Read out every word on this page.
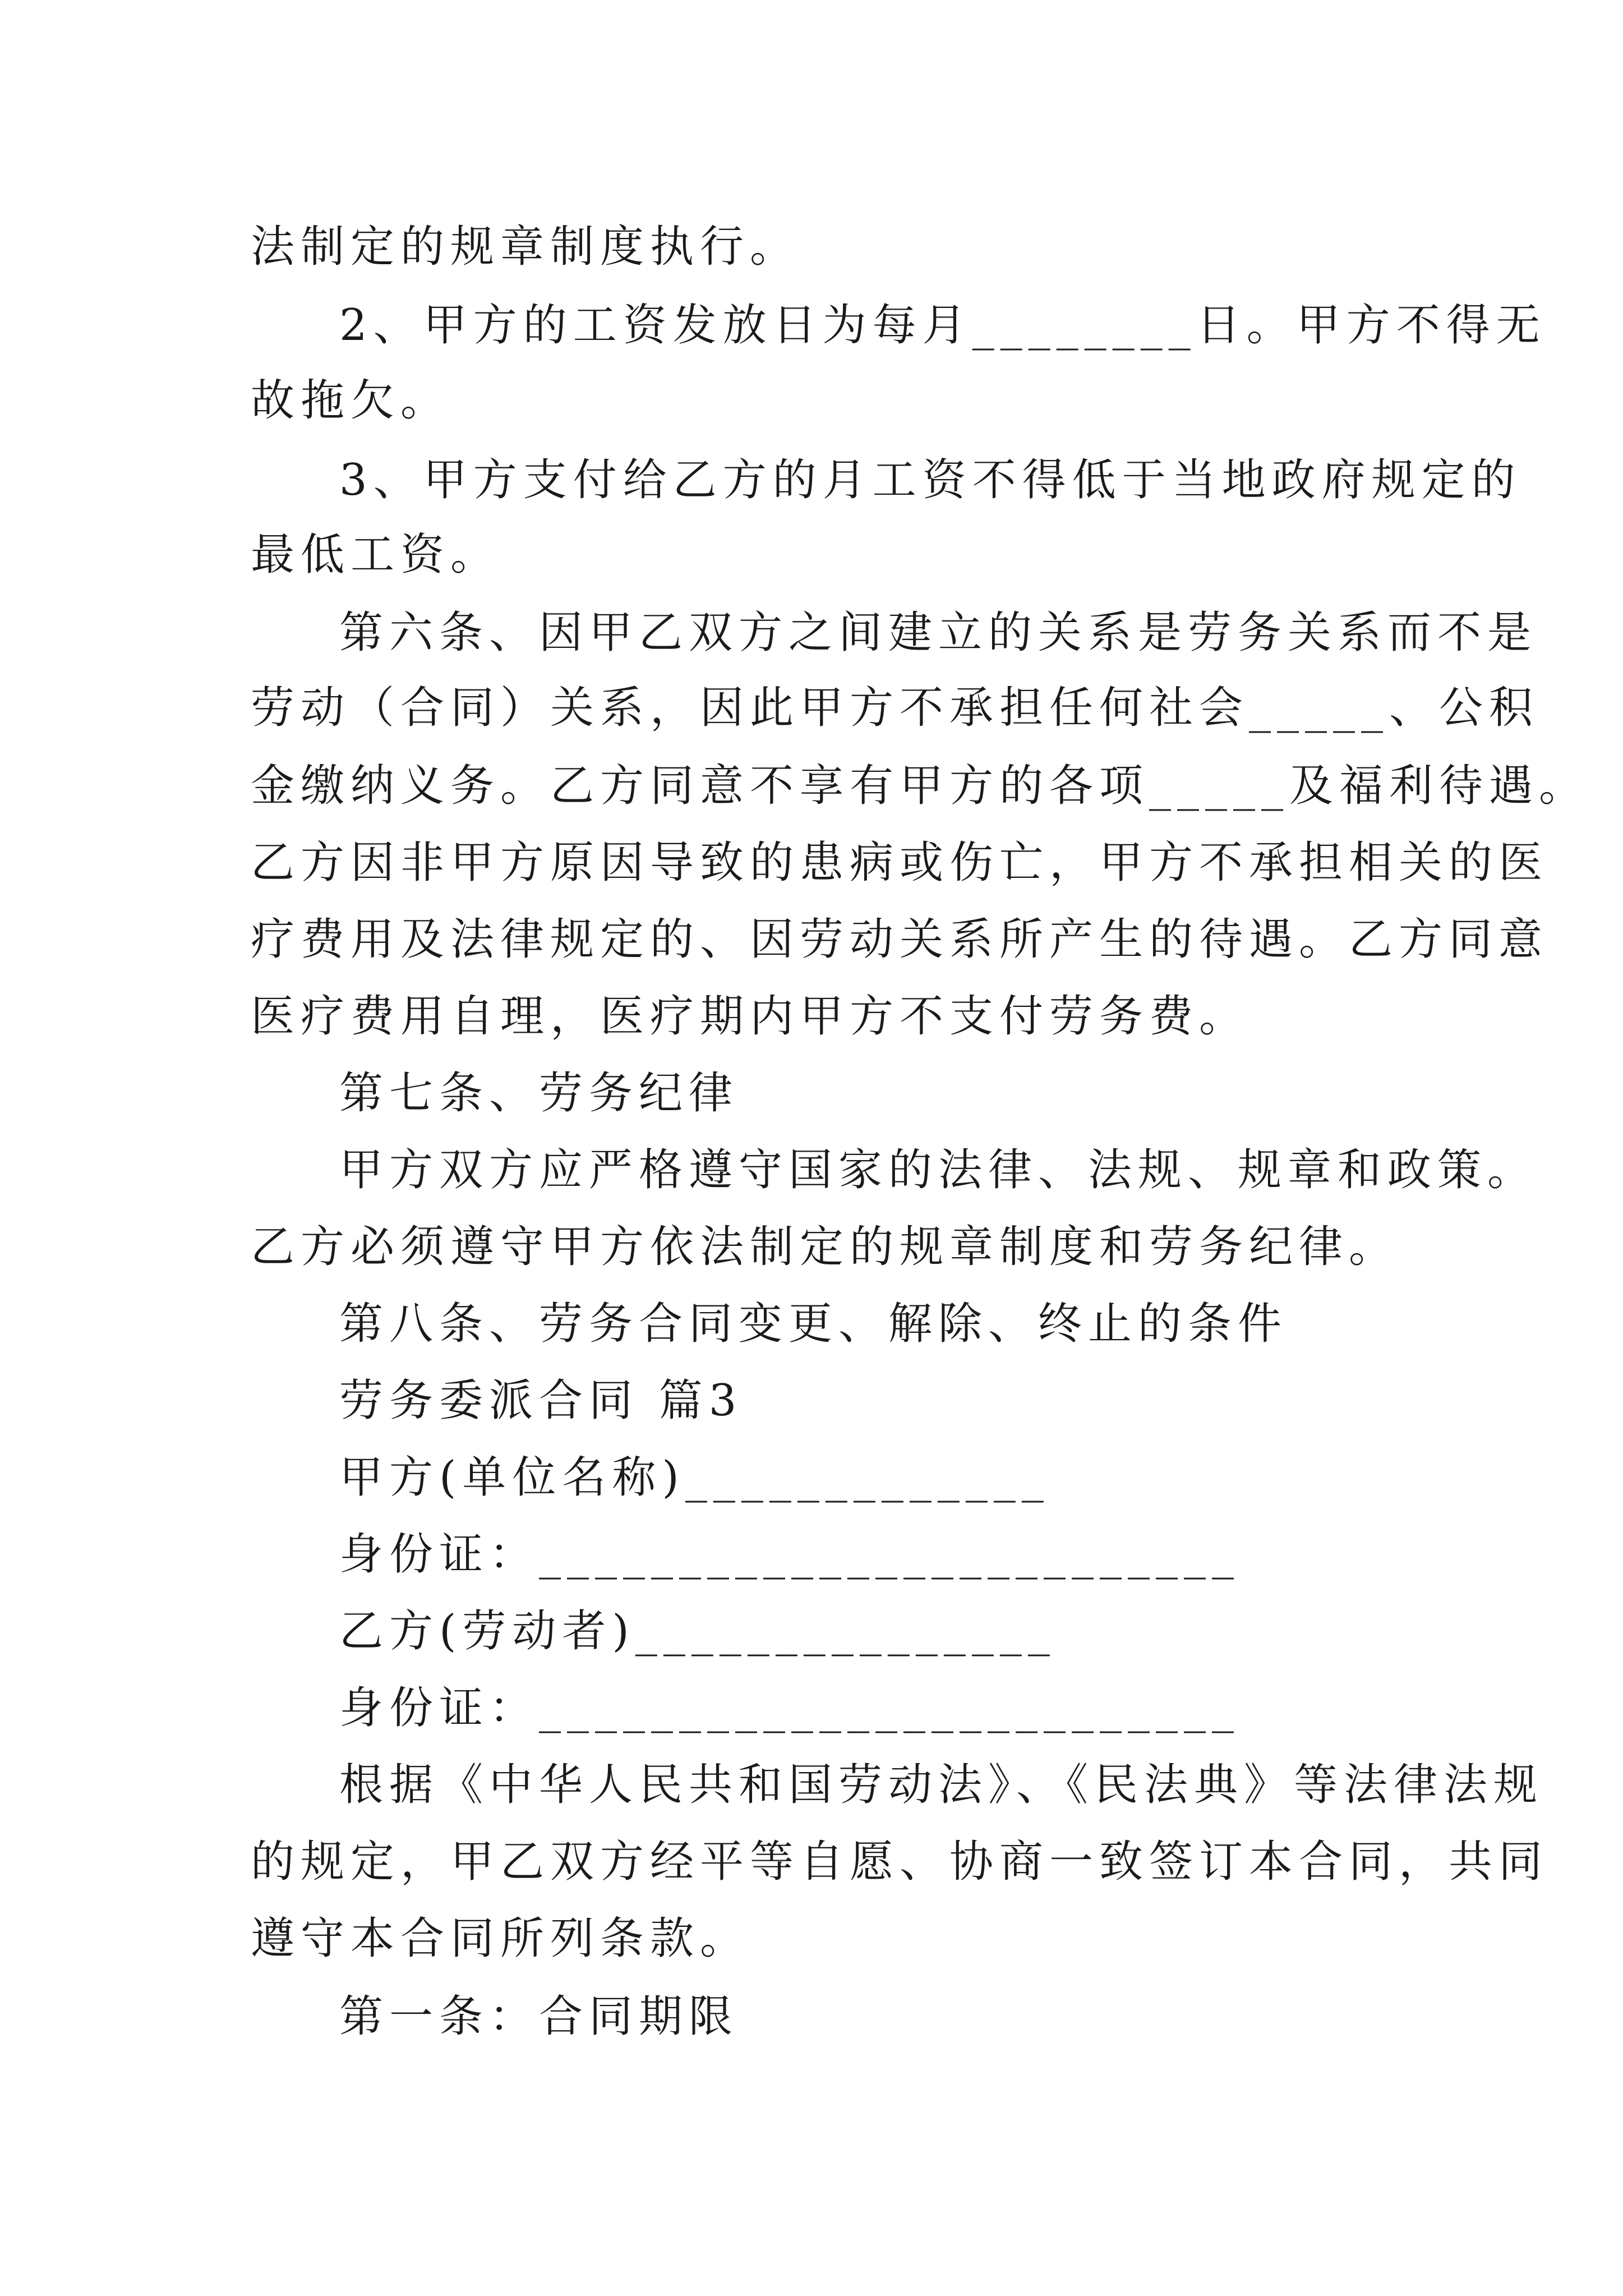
法制定的规章制度执行。

2、甲方的工资发放日为每月________日。甲方不得无

故拖欠。

3、甲方支付给乙方的月工资不得低于当地政府规定的

最低工资。

第六条、因甲乙双方之间建立的关系是劳务关系而不是

劳动（合同）关系，因此甲方不承担任何社会_____、公积

金缴纳义务。乙方同意不享有甲方的各项_____及福利待遇。

乙方因非甲方原因导致的患病或伤亡，甲方不承担相关的医

疗费用及法律规定的、因劳动关系所产生的待遇。乙方同意

医疗费用自理，医疗期内甲方不支付劳务费。

第七条、劳务纪律

甲方双方应严格遵守国家的法律、法规、规章和政策。

乙方必须遵守甲方依法制定的规章制度和劳务纪律。

第八条、劳务合同变更、解除、终止的条件

劳务委派合同 篇3

甲方(单位名称)_____________

身份证：_________________________

乙方(劳动者)_______________

身份证：_________________________

根据《中华人民共和国劳动法》、《民法典》等法律法规

的规定，甲乙双方经平等自愿、协商一致签订本合同，共同

遵守本合同所列条款。

第一条：合同期限
